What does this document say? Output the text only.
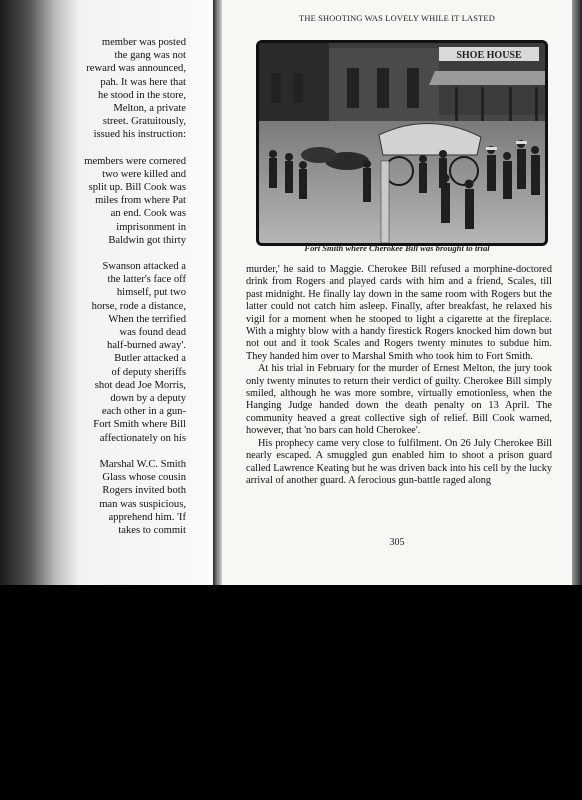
member was posted
the gang was not
reward was announced,
pah. It was here that
he stood in the store,
Melton, a private
street. Gratuitously,
issued his instruction:
members were cornered
two were killed and
split up. Bill Cook was
miles from where Pat
an end. Cook was
imprisonment in
Baldwin got thirty
Swanson attacked a
the latter's face off
himself, put two
horse, rode a distance,
When the terrified
was found dead
half-burned away'.
Butler attacked a
of deputy sheriffs
shot dead Joe Morris,
down by a deputy
each other in a gun-
Fort Smith where Bill
affectionately on his
Marshal W.C. Smith
Glass whose cousin
Rogers invited both
man was suspicious,
apprehend him. 'If
takes to commit
THE SHOOTING WAS LOVELY WHILE IT LASTED
SHOE HOUSE
Fort Smith where Cherokee Bill was brought to trial

murder,' he said to Maggie. Cherokee Bill refused a morphine-doctored drink from Rogers and played cards with him and a friend, Scales, till past midnight. He finally lay down in the same room with Rogers but the latter could not catch him asleep. Finally, after breakfast, he relaxed his vigil for a moment when he stooped to light a cigarette at the fireplace. With a mighty blow with a handy firestick Rogers knocked him down but not out and it took Scales and Rogers twenty minutes to subdue him. They handed him over to Marshal Smith who took him to Fort Smith.

At his trial in February for the murder of Ernest Melton, the jury took only twenty minutes to return their verdict of guilty. Cherokee Bill simply smiled, although he was more sombre, virtually emotionless, when the Hanging Judge handed down the death penalty on 13 April. The community heaved a great collective sigh of relief. Bill Cook warned, however, that 'no bars can hold Cherokee'.

His prophecy came very close to fulfilment. On 26 July Cherokee Bill nearly escaped. A smuggled gun enabled him to shoot a prison guard called Lawrence Keating but he was driven back into his cell by the lucky arrival of another guard. A ferocious gun-battle raged along

305
